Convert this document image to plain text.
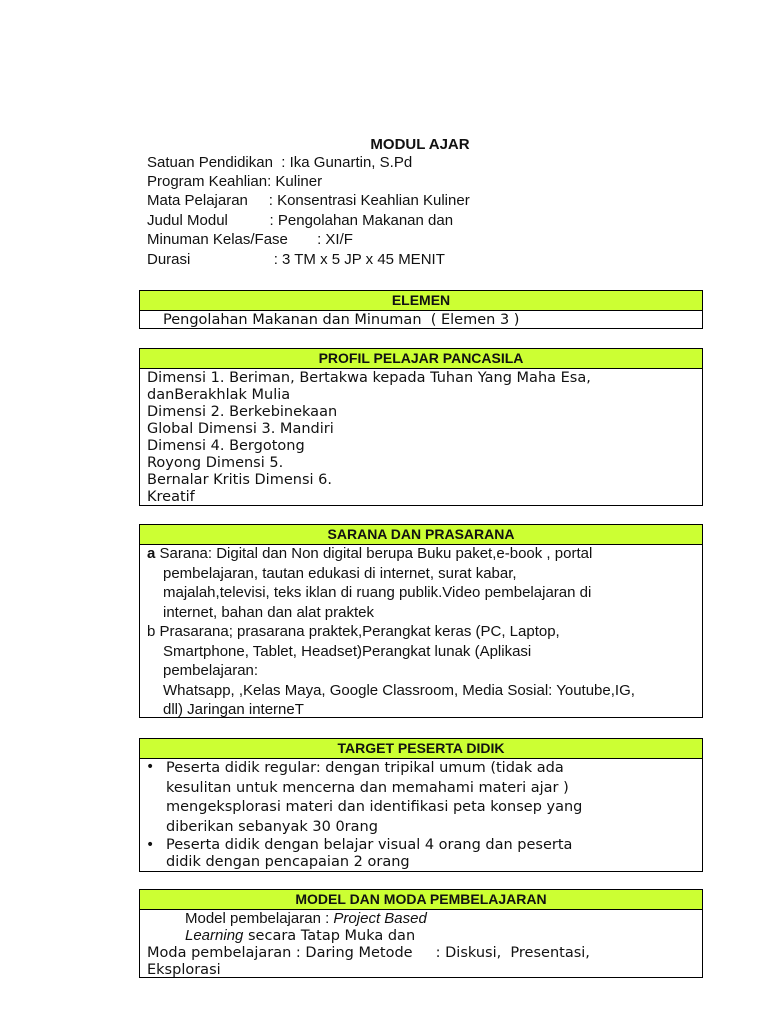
MODUL AJAR
Satuan Pendidikan  : Ika Gunartin, S.Pd
Program Keahlian: Kuliner
Mata Pelajaran     : Konsentrasi Keahlian Kuliner
Judul Modul          : Pengolahan Makanan dan
Minuman Kelas/Fase       : XI/F
Durasi                    : 3 TM x 5 JP x 45 MENIT
ELEMEN
Pengolahan Makanan dan Minuman  ( Elemen 3 )
PROFIL PELAJAR PANCASILA
Dimensi 1. Beriman, Bertakwa kepada Tuhan Yang Maha Esa,
danBerakhlak Mulia
Dimensi 2. Berkebinekaan
Global Dimensi 3. Mandiri
Dimensi 4. Bergotong
Royong Dimensi 5.
Bernalar Kritis Dimensi 6.
Kreatif
SARANA DAN PRASARANA
a Sarana: Digital dan Non digital berupa Buku paket,e-book , portal
pembelajaran, tautan edukasi di internet, surat kabar,
majalah,televisi, teks iklan di ruang publik.Video pembelajaran di
internet, bahan dan alat praktek
b Prasarana; prasarana praktek,Perangkat keras (PC, Laptop,
Smartphone, Tablet, Headset)Perangkat lunak (Aplikasi
pembelajaran:
Whatsapp, ,Kelas Maya, Google Classroom, Media Sosial: Youtube,IG,
dll) Jaringan interneT
TARGET PESERTA DIDIK
• Peserta didik regular: dengan tripikal umum (tidak ada
kesulitan untuk mencerna dan memahami materi ajar )
mengeksplorasi materi dan identifikasi peta konsep yang
diberikan sebanyak 30 0rang
• Peserta didik dengan belajar visual 4 orang dan peserta
didik dengan pencapaian 2 orang
MODEL DAN MODA PEMBELAJARAN
Model pembelajaran : Project Based
Learning secara Tatap Muka dan
Moda pembelajaran : Daring Metode     : Diskusi,  Presentasi,
Eksplorasi
